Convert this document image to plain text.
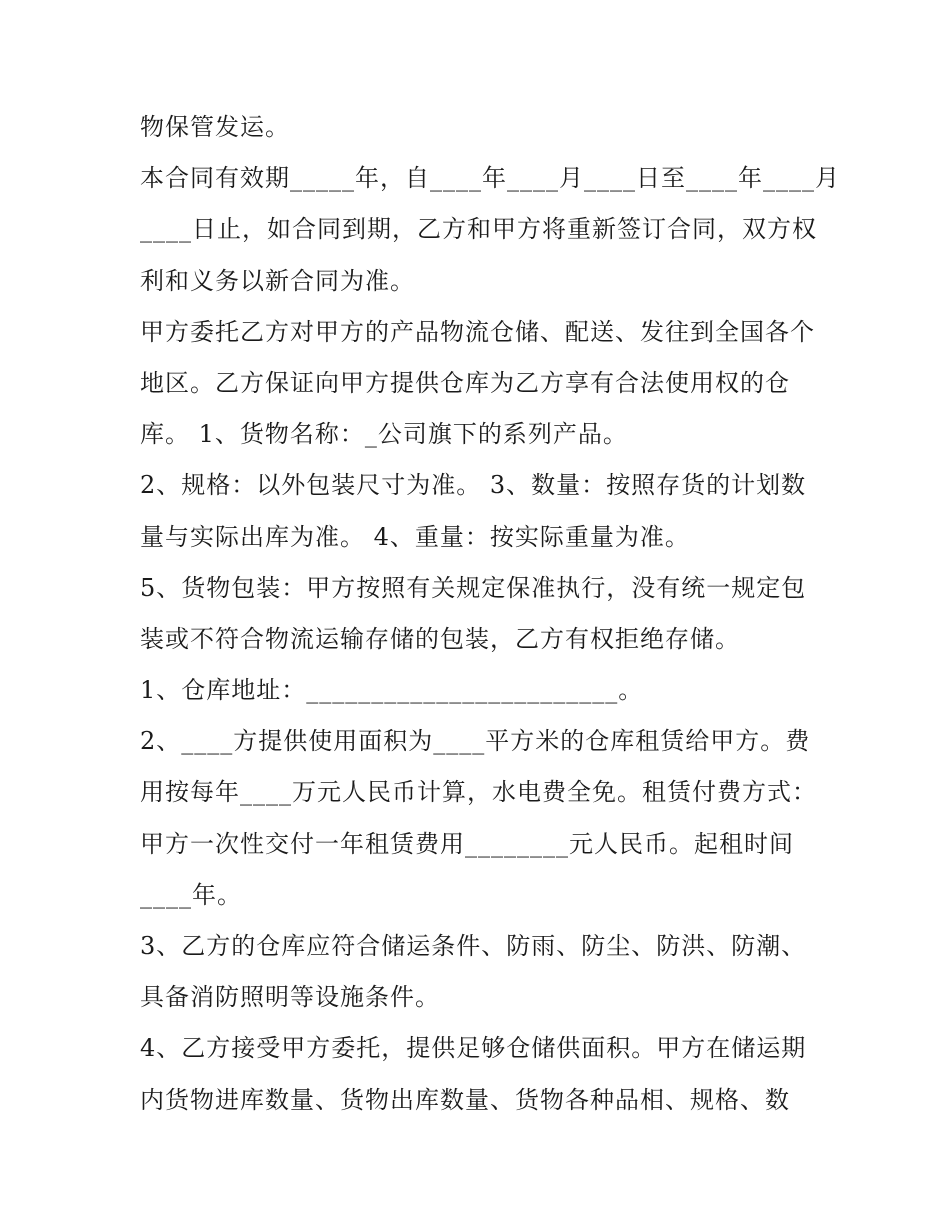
物保管发运。
本合同有效期_____年，自____年____月____日至____年____月
____日止，如合同到期，乙方和甲方将重新签订合同，双方权
利和义务以新合同为准。
甲方委托乙方对甲方的产品物流仓储、配送、发往到全国各个
地区。乙方保证向甲方提供仓库为乙方享有合法使用权的仓
库。 1、货物名称：_公司旗下的系列产品。
2、规格：以外包装尺寸为准。 3、数量：按照存货的计划数
量与实际出库为准。 4、重量：按实际重量为准。
5、货物包装：甲方按照有关规定保准执行，没有统一规定包
装或不符合物流运输存储的包装，乙方有权拒绝存储。
1、仓库地址：________________________。
2、____方提供使用面积为____平方米的仓库租赁给甲方。费
用按每年____万元人民币计算，水电费全免。租赁付费方式：
甲方一次性交付一年租赁费用________元人民币。起租时间
____年。
3、乙方的仓库应符合储运条件、防雨、防尘、防洪、防潮、
具备消防照明等设施条件。
4、乙方接受甲方委托，提供足够仓储供面积。甲方在储运期
内货物进库数量、货物出库数量、货物各种品相、规格、数
